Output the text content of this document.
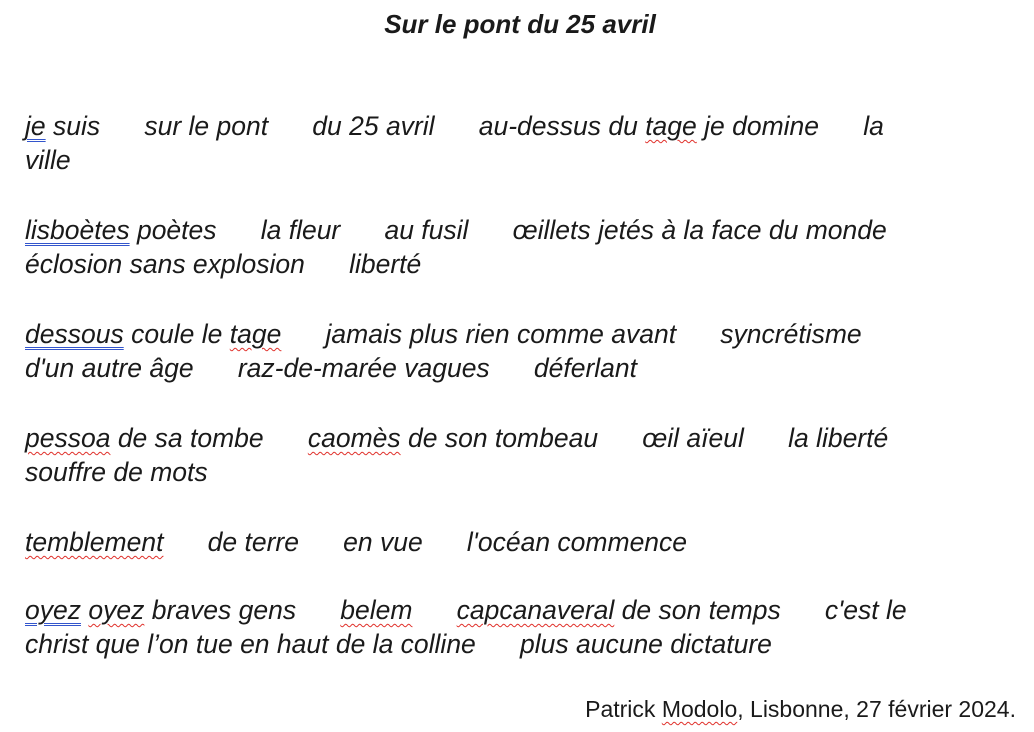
Sur le pont du 25 avril
je suis sur le pont du 25 avril au-dessus du tage je domine la
ville
lisboètes poètes la fleur au fusil œillets jetés à la face du monde
éclosion sans explosion liberté
dessous coule le tage jamais plus rien comme avant syncrétisme
d'un autre âge raz-de-marée vagues déferlant
pessoa de sa tombe caomès de son tombeau œil aïeul la liberté
souffre de mots
temblement de terre en vue l'océan commence
oyez oyez braves gens belem capcanaveral de son temps c'est le
christ que l’on tue en haut de la colline plus aucune dictature
Patrick Modolo, Lisbonne, 27 février 2024.
